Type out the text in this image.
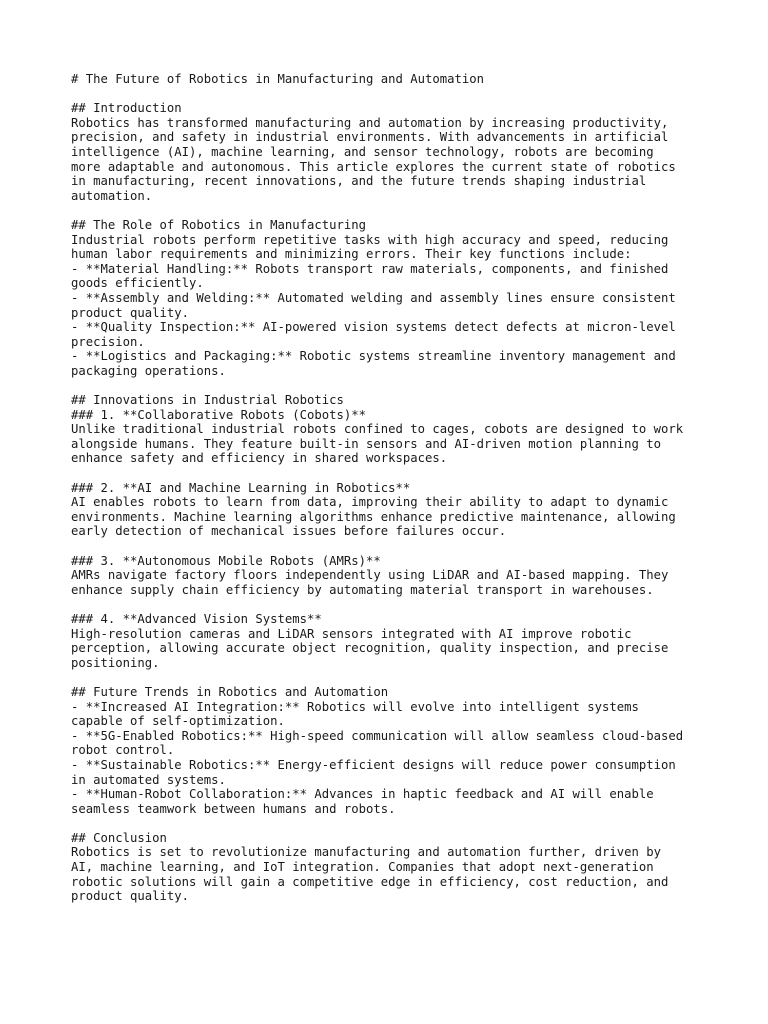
# The Future of Robotics in Manufacturing and Automation
## Introduction
Robotics has transformed manufacturing and automation by increasing productivity,
precision, and safety in industrial environments. With advancements in artificial
intelligence (AI), machine learning, and sensor technology, robots are becoming
more adaptable and autonomous. This article explores the current state of robotics
in manufacturing, recent innovations, and the future trends shaping industrial
automation.
## The Role of Robotics in Manufacturing
Industrial robots perform repetitive tasks with high accuracy and speed, reducing
human labor requirements and minimizing errors. Their key functions include:
- **Material Handling:** Robots transport raw materials, components, and finished
goods efficiently.
- **Assembly and Welding:** Automated welding and assembly lines ensure consistent
product quality.
- **Quality Inspection:** AI-powered vision systems detect defects at micron-level
precision.
- **Logistics and Packaging:** Robotic systems streamline inventory management and
packaging operations.
## Innovations in Industrial Robotics
### 1. **Collaborative Robots (Cobots)**
Unlike traditional industrial robots confined to cages, cobots are designed to work
alongside humans. They feature built-in sensors and AI-driven motion planning to
enhance safety and efficiency in shared workspaces.
### 2. **AI and Machine Learning in Robotics**
AI enables robots to learn from data, improving their ability to adapt to dynamic
environments. Machine learning algorithms enhance predictive maintenance, allowing
early detection of mechanical issues before failures occur.
### 3. **Autonomous Mobile Robots (AMRs)**
AMRs navigate factory floors independently using LiDAR and AI-based mapping. They
enhance supply chain efficiency by automating material transport in warehouses.
### 4. **Advanced Vision Systems**
High-resolution cameras and LiDAR sensors integrated with AI improve robotic
perception, allowing accurate object recognition, quality inspection, and precise
positioning.
## Future Trends in Robotics and Automation
- **Increased AI Integration:** Robotics will evolve into intelligent systems
capable of self-optimization.
- **5G-Enabled Robotics:** High-speed communication will allow seamless cloud-based
robot control.
- **Sustainable Robotics:** Energy-efficient designs will reduce power consumption
in automated systems.
- **Human-Robot Collaboration:** Advances in haptic feedback and AI will enable
seamless teamwork between humans and robots.
## Conclusion
Robotics is set to revolutionize manufacturing and automation further, driven by
AI, machine learning, and IoT integration. Companies that adopt next-generation
robotic solutions will gain a competitive edge in efficiency, cost reduction, and
product quality.
